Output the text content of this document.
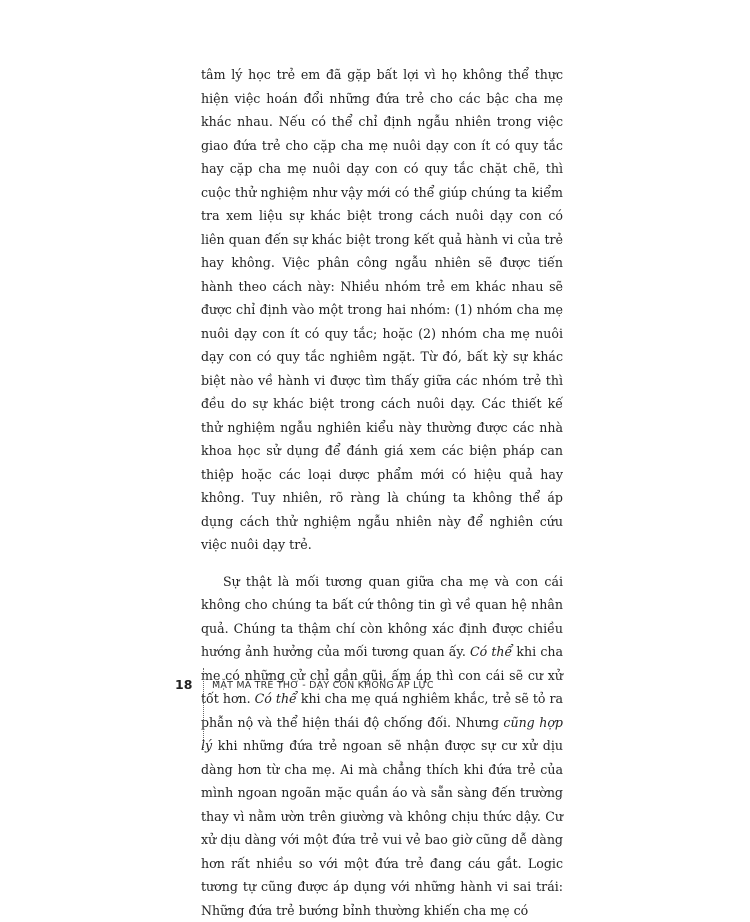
tâm lý học trẻ em đã gặp bất lợi vì họ không thể thực hiện việc hoán đổi những đứa trẻ cho các bậc cha mẹ khác nhau. Nếu có thể chỉ định ngẫu nhiên trong việc giao đứa trẻ cho cặp cha mẹ nuôi dạy con ít có quy tắc hay cặp cha mẹ nuôi dạy con có quy tắc chặt chẽ, thì cuộc thử nghiệm như vậy mới có thể giúp chúng ta kiểm tra xem liệu sự khác biệt trong cách nuôi dạy con có liên quan đến sự khác biệt trong kết quả hành vi của trẻ hay không. Việc phân công ngẫu nhiên sẽ được tiến hành theo cách này: Nhiều nhóm trẻ em khác nhau sẽ được chỉ định vào một trong hai nhóm: (1) nhóm cha mẹ nuôi dạy con ít có quy tắc; hoặc (2) nhóm cha mẹ nuôi dạy con có quy tắc nghiêm ngặt. Từ đó, bất kỳ sự khác biệt nào về hành vi được tìm thấy giữa các nhóm trẻ thì đều do sự khác biệt trong cách nuôi dạy. Các thiết kế thử nghiệm ngẫu nghiên kiểu này thường được các nhà khoa học sử dụng để đánh giá xem các biện pháp can thiệp hoặc các loại dược phẩm mới có hiệu quả hay không. Tuy nhiên, rõ ràng là chúng ta không thể áp dụng cách thử nghiệm ngẫu nhiên này để nghiên cứu việc nuôi dạy trẻ.

Sự thật là mối tương quan giữa cha mẹ và con cái không cho chúng ta bất cứ thông tin gì về quan hệ nhân quả. Chúng ta thậm chí còn không xác định được chiều hướng ảnh hưởng của mối tương quan ấy. Có thể khi cha mẹ có những cử chỉ gần gũi, ấm áp thì con cái sẽ cư xử tốt hơn. Có thể khi cha mẹ quá nghiêm khắc, trẻ sẽ tỏ ra phẫn nộ và thể hiện thái độ chống đối. Nhưng cũng hợp lý khi những đứa trẻ ngoan sẽ nhận được sự cư xử dịu dàng hơn từ cha mẹ. Ai mà chẳng thích khi đứa trẻ của mình ngoan ngoãn mặc quần áo và sẵn sàng đến trường thay vì nằm ườn trên giường và không chịu thức dậy. Cư xử dịu dàng với một đứa trẻ vui vẻ bao giờ cũng dễ dàng hơn rất nhiều so với một đứa trẻ đang cáu gắt. Logic tương tự cũng được áp dụng với những hành vi sai trái: Những đứa trẻ bướng bỉnh thường khiến cha mẹ có

18 MẶT MÃ TRẺ THƠ - DẠY CON KHÔNG ÁP LỰC
